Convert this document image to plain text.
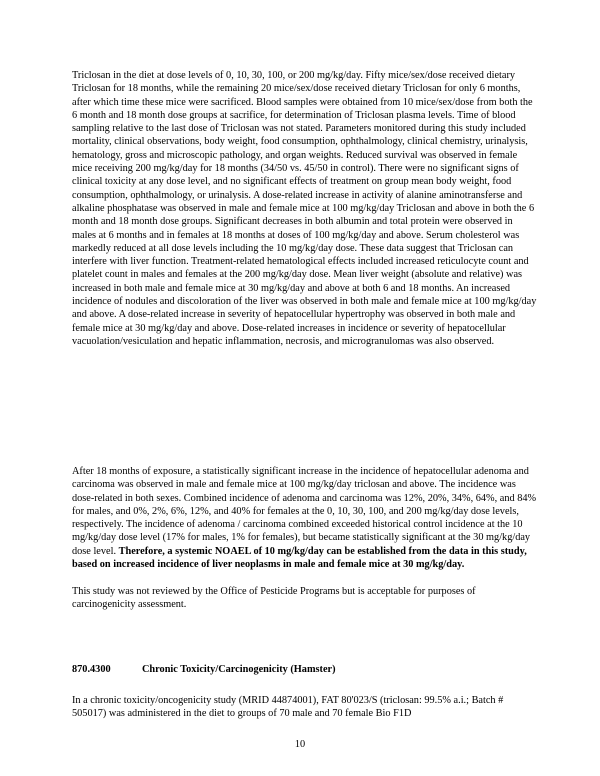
Triclosan in the diet at dose levels of 0, 10, 30, 100, or 200 mg/kg/day. Fifty mice/sex/dose received dietary Triclosan for 18 months, while the remaining 20 mice/sex/dose received dietary Triclosan for only 6 months, after which time these mice were sacrificed. Blood samples were obtained from 10 mice/sex/dose from both the 6 month and 18 month dose groups at sacrifice, for determination of Triclosan plasma levels. Time of blood sampling relative to the last dose of Triclosan was not stated. Parameters monitored during this study included mortality, clinical observations, body weight, food consumption, ophthalmology, clinical chemistry, urinalysis, hematology, gross and microscopic pathology, and organ weights. Reduced survival was observed in female mice receiving 200 mg/kg/day for 18 months (34/50 vs. 45/50 in control). There were no significant signs of clinical toxicity at any dose level, and no significant effects of treatment on group mean body weight, food consumption, ophthalmology, or urinalysis. A dose-related increase in activity of alanine aminotransferse and alkaline phosphatase was observed in male and female mice at 100 mg/kg/day Triclosan and above in both the 6 month and 18 month dose groups. Significant decreases in both albumin and total protein were observed in males at 6 months and in females at 18 months at doses of 100 mg/kg/day and above. Serum cholesterol was markedly reduced at all dose levels including the 10 mg/kg/day dose. These data suggest that Triclosan can interfere with liver function. Treatment-related hematological effects included increased reticulocyte count and platelet count in males and females at the 200 mg/kg/day dose. Mean liver weight (absolute and relative) was increased in both male and female mice at 30 mg/kg/day and above at both 6 and 18 months. An increased incidence of nodules and discoloration of the liver was observed in both male and female mice at 100 mg/kg/day and above. A dose-related increase in severity of hepatocellular hypertrophy was observed in both male and female mice at 30 mg/kg/day and above. Dose-related increases in incidence or severity of hepatocellular vacuolation/vesiculation and hepatic inflammation, necrosis, and microgranulomas was also observed.

After 18 months of exposure, a statistically significant increase in the incidence of hepatocellular adenoma and carcinoma was observed in male and female mice at 100 mg/kg/day triclosan and above. The incidence was dose-related in both sexes. Combined incidence of adenoma and carcinoma was 12%, 20%, 34%, 64%, and 84% for males, and 0%, 2%, 6%, 12%, and 40% for females at the 0, 10, 30, 100, and 200 mg/kg/day dose levels, respectively. The incidence of adenoma / carcinoma combined exceeded historical control incidence at the 10 mg/kg/day dose level (17% for males, 1% for females), but became statistically significant at the 30 mg/kg/day dose level. Therefore, a systemic NOAEL of 10 mg/kg/day can be established from the data in this study, based on increased incidence of liver neoplasms in male and female mice at 30 mg/kg/day.

This study was not reviewed by the Office of Pesticide Programs but is acceptable for purposes of carcinogenicity assessment.

870.4300	Chronic Toxicity/Carcinogenicity (Hamster)

In a chronic toxicity/oncogenicity study (MRID 44874001), FAT 80'023/S (triclosan: 99.5% a.i.; Batch # 505017) was administered in the diet to groups of 70 male and 70 female Bio F1D

10
